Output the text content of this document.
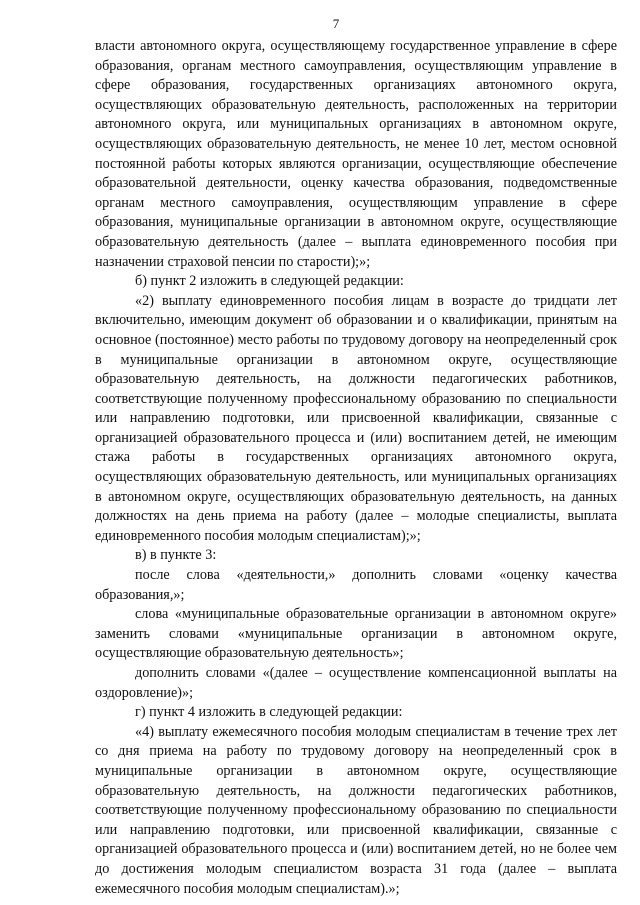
7

власти автономного округа, осуществляющему государственное управление в сфере образования, органам местного самоуправления, осуществляющим управление в сфере образования, государственных организациях автономного округа, осуществляющих образовательную деятельность, расположенных на территории автономного округа, или муниципальных организациях в автономном округе, осуществляющих образовательную деятельность, не менее 10 лет, местом основной постоянной работы которых являются организации, осуществляющие обеспечение образовательной деятельности, оценку качества образования, подведомственные органам местного самоуправления, осуществляющим управление в сфере образования, муниципальные организации в автономном округе, осуществляющие образовательную деятельность (далее – выплата единовременного пособия при назначении страховой пенсии по старости);»;

б) пункт 2 изложить в следующей редакции:

«2) выплату единовременного пособия лицам в возрасте до тридцати лет включительно, имеющим документ об образовании и о квалификации, принятым на основное (постоянное) место работы по трудовому договору на неопределенный срок в муниципальные организации в автономном округе, осуществляющие образовательную деятельность, на должности педагогических работников, соответствующие полученному профессиональному образованию по специальности или направлению подготовки, или присвоенной квалификации, связанные с организацией образовательного процесса и (или) воспитанием детей, не имеющим стажа работы в государственных организациях автономного округа, осуществляющих образовательную деятельность, или муниципальных организациях в автономном округе, осуществляющих образовательную деятельность, на данных должностях на день приема на работу (далее – молодые специалисты, выплата единовременного пособия молодым специалистам);»;

в) в пункте 3:

после слова «деятельности,» дополнить словами «оценку качества образования,»;

слова «муниципальные образовательные организации в автономном округе» заменить словами «муниципальные организации в автономном округе, осуществляющие образовательную деятельность»;

дополнить словами «(далее – осуществление компенсационной выплаты на оздоровление)»;

г) пункт 4 изложить в следующей редакции:

«4) выплату ежемесячного пособия молодым специалистам в течение трех лет со дня приема на работу по трудовому договору на неопределенный срок в муниципальные организации в автономном округе, осуществляющие образовательную деятельность, на должности педагогических работников, соответствующие полученному профессиональному образованию по специальности или направлению подготовки, или присвоенной квалификации, связанные с организацией образовательного процесса и (или) воспитанием детей, но не более чем до достижения молодым специалистом возраста 31 года (далее – выплата ежемесячного пособия молодым специалистам).»;
